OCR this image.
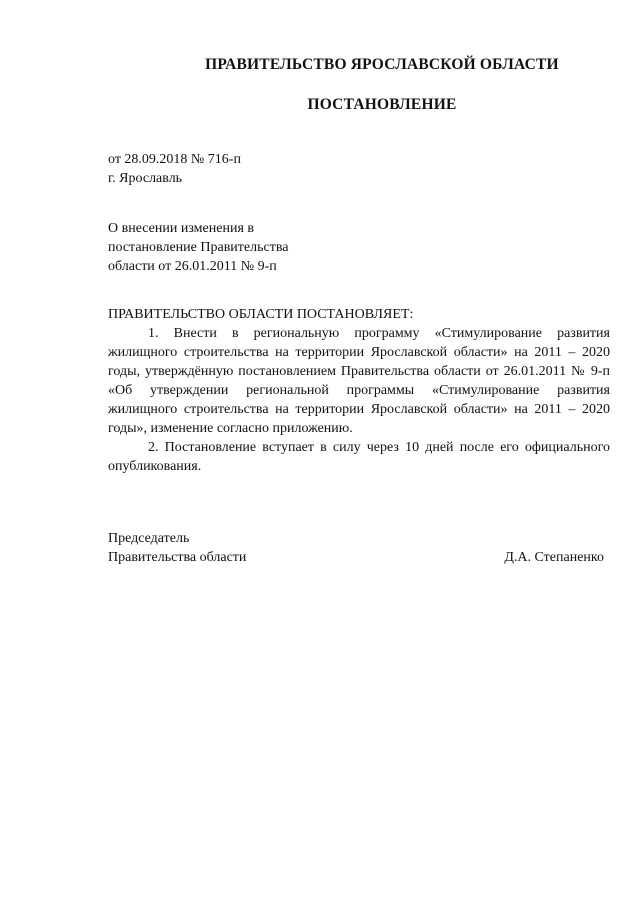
ПРАВИТЕЛЬСТВО ЯРОСЛАВСКОЙ ОБЛАСТИ
ПОСТАНОВЛЕНИЕ
от 28.09.2018 № 716-п
г. Ярославль
О внесении изменения в
постановление Правительства
области от 26.01.2011 № 9-п
ПРАВИТЕЛЬСТВО ОБЛАСТИ ПОСТАНОВЛЯЕТ:

1. Внести в региональную программу «Стимулирование развития жилищного строительства на территории Ярославской области» на 2011 – 2020 годы, утверждённую постановлением Правительства области от 26.01.2011 № 9-п «Об утверждении региональной программы «Стимулирование развития жилищного строительства на территории Ярославской области» на 2011 – 2020 годы», изменение согласно приложению.

2. Постановление вступает в силу через 10 дней после его официального опубликования.

Председатель
Правительства области	Д.А. Степаненко
